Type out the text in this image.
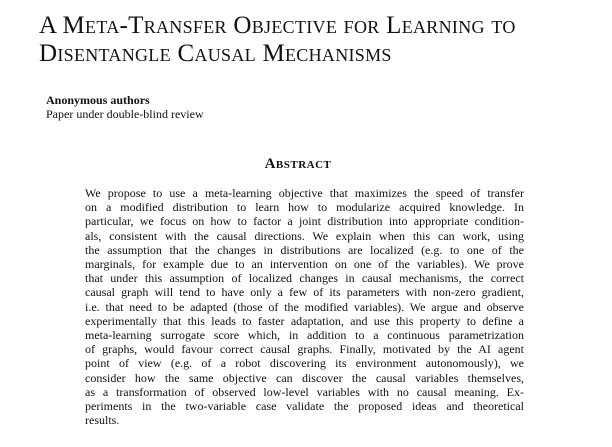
A Meta-Transfer Objective for Learning to
Disentangle Causal Mechanisms

Anonymous authors

Paper under double-blind review

Abstract
We propose to use a meta-learning objective that maximizes the speed of transfer
on a modified distribution to learn how to modularize acquired knowledge. In
particular, we focus on how to factor a joint distribution into appropriate condition-
als, consistent with the causal directions. We explain when this can work, using
the assumption that the changes in distributions are localized (e.g. to one of the
marginals, for example due to an intervention on one of the variables). We prove
that under this assumption of localized changes in causal mechanisms, the correct
causal graph will tend to have only a few of its parameters with non-zero gradient,
i.e. that need to be adapted (those of the modified variables). We argue and observe
experimentally that this leads to faster adaptation, and use this property to define a
meta-learning surrogate score which, in addition to a continuous parametrization
of graphs, would favour correct causal graphs. Finally, motivated by the AI agent
point of view (e.g. of a robot discovering its environment autonomously), we
consider how the same objective can discover the causal variables themselves,
as a transformation of observed low-level variables with no causal meaning. Ex-
periments in the two-variable case validate the proposed ideas and theoretical
results.
